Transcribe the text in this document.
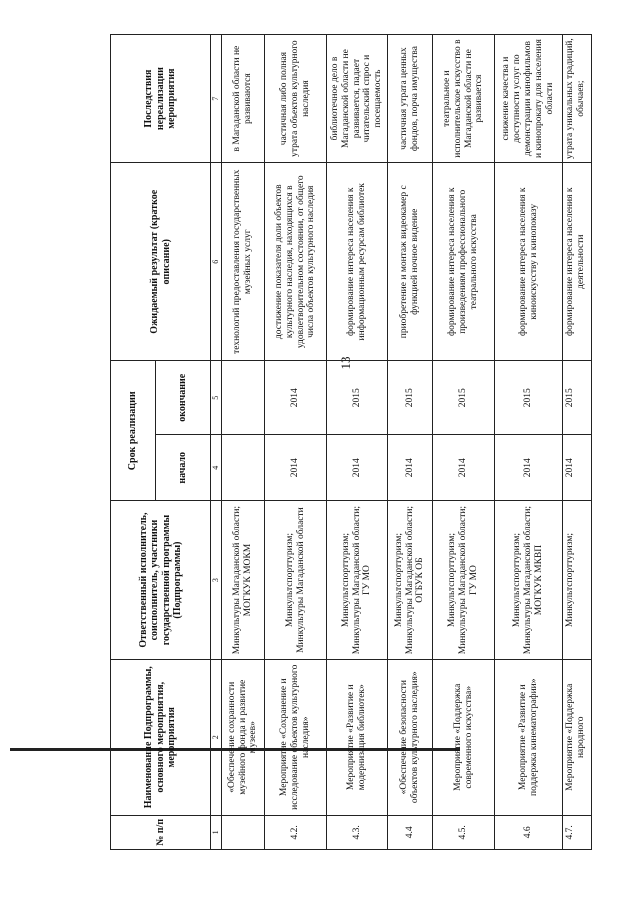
13
№ п/п	Наименование Подпрограммы, основного мероприятия, мероприятия	Ответственный исполнитель, соисполнитель, участники государственной программы (Подпрограммы)	Срок реализации		Ожидаемый результат (краткое описание)	Последствия нереализации мероприятия
			начало	окончание		
1	2	3	4	5	6	7
	«Обеспечение сохранности музейного фонда и развитие музеев»	Минкультуры Магаданской области; МОГКУК МОКМ			технологий предоставления государственных музейных услуг	в Магаданской области не развиваются
4.2.	Мероприятие «Сохранение и исследование объектов культурного наследия»	Минкультспорттуризм; Минкультуры Магаданской области	2014	2014	достижение показателя доли объектов культурного наследия, находящихся в удовлетворительном состоянии, от общего числа объектов культурного наследия	частичная либо полная утрата объектов культурного наследия
4.3.	Мероприятие «Развитие и модернизация библиотек»	Минкультспорттуризм; Минкультуры Магаданской области; ГУ МО	2014	2015	формирование интереса населения к информационным ресурсам библиотек	библиотечное дело в Магаданской области не развивается, падает читательский спрос и посещаемость
4.4	«Обеспечение безопасности объектов культурного наследия»	Минкультспорттуризм; Минкультуры Магаданской области; ОГБУК ОБ	2014	2015	приобретение и монтаж видеокамер с функцией ночное видение	частичная утрата ценных фондов, порча имущества
4.5.	Мероприятие «Поддержка современного искусства»	Минкультспорттуризм; Минкультуры Магаданской области; ГУ МО	2014	2015	формирование интереса населения к произведениям профессионального театрального искусства	театральное и исполнительское искусство в Магаданской области не развивается
4.6	Мероприятие «Развитие и поддержка кинематографии»	Минкультспорттуризм; Минкультуры Магаданской области; МОГКУК МКВП	2014	2015	формирование интереса населения к киноискусству и кинопоказу	снижение качества и доступности услуг по демонстрации кинофильмов и кинопрокату для населения области
4.7.	Мероприятие «Поддержка народного	Минкультспорттуризм;	2014	2015	формирование интереса населения к деятельности	утрата уникальных традиций, обычаев;
